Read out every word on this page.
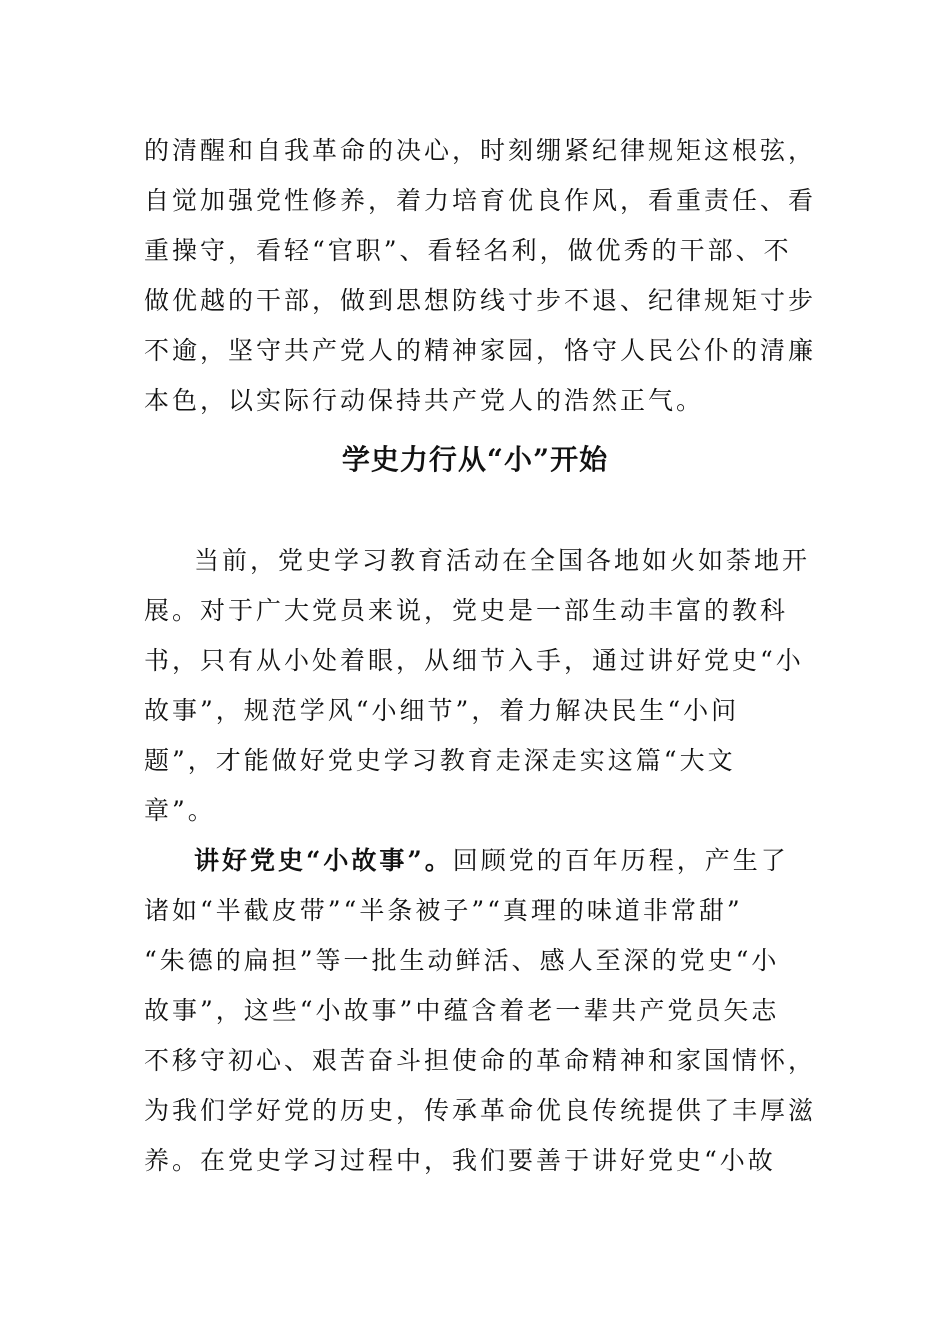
的清醒和自我革命的决心，时刻绷紧纪律规矩这根弦，
自觉加强党性修养，着力培育优良作风，看重责任、看
重操守，看轻“官职”、看轻名利，做优秀的干部、不
做优越的干部，做到思想防线寸步不退、纪律规矩寸步
不逾，坚守共产党人的精神家园，恪守人民公仆的清廉
本色，以实际行动保持共产党人的浩然正气。
学史力行从“小”开始
当前，党史学习教育活动在全国各地如火如荼地开
展。对于广大党员来说，党史是一部生动丰富的教科
书，只有从小处着眼，从细节入手，通过讲好党史“小
故事”，规范学风“小细节”，着力解决民生“小问
题”，才能做好党史学习教育走深走实这篇“大文
章”。
讲好党史“小故事”。回顾党的百年历程，产生了
诸如“半截皮带”“半条被子”“真理的味道非常甜”
“朱德的扁担”等一批生动鲜活、感人至深的党史“小
故事”，这些“小故事”中蕴含着老一辈共产党员矢志
不移守初心、艰苦奋斗担使命的革命精神和家国情怀，
为我们学好党的历史，传承革命优良传统提供了丰厚滋
养。在党史学习过程中，我们要善于讲好党史“小故
